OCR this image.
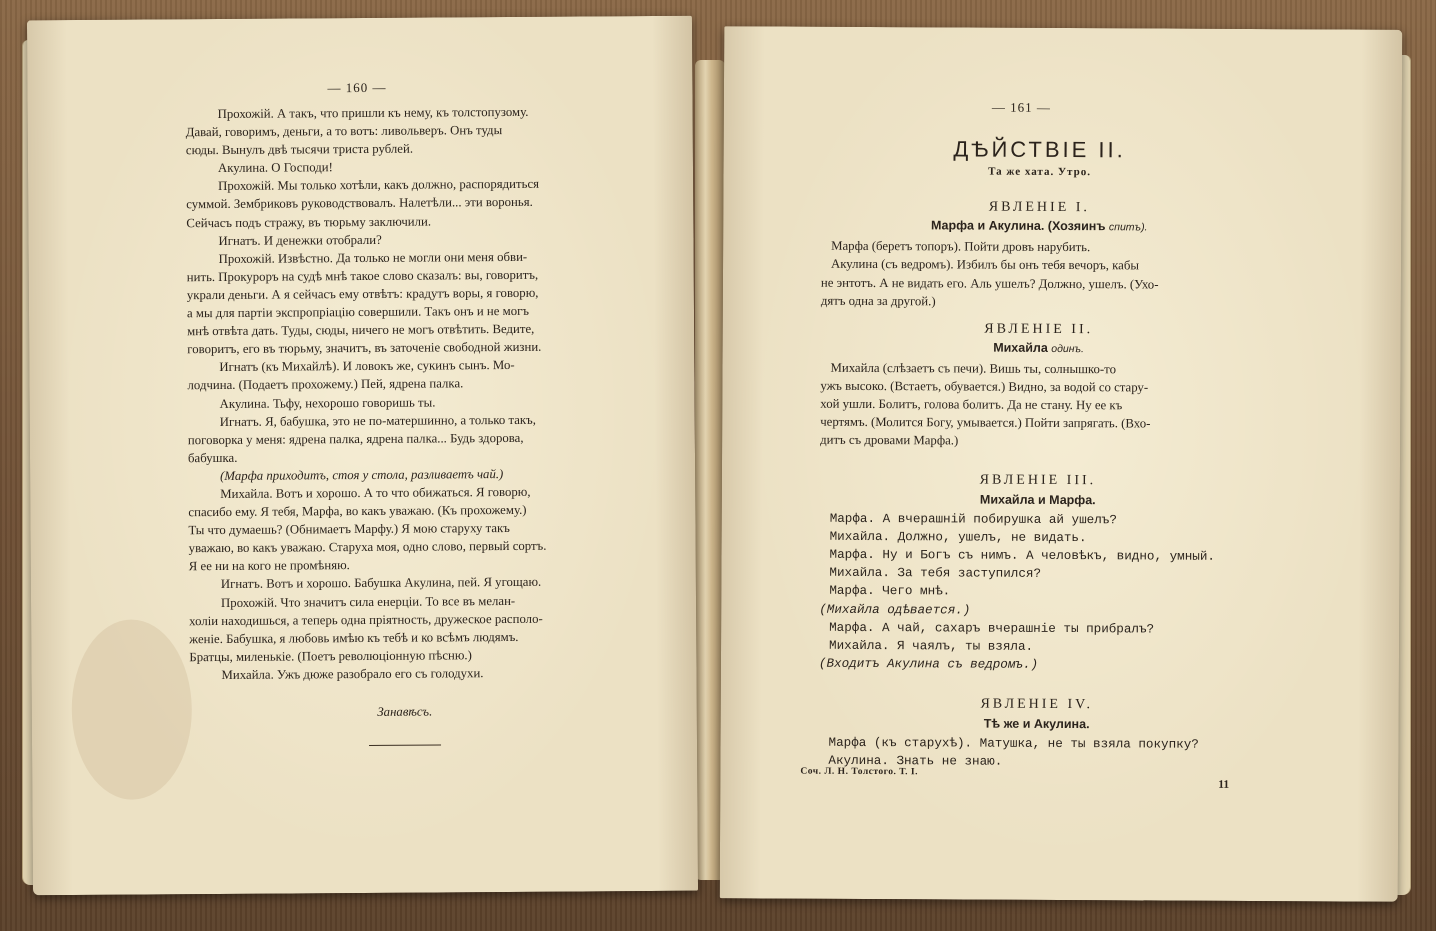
— 160 —
Прохожій. А такъ, что пришли къ нему, къ толстопузому.
Давай, говоримъ, деньги, а то вотъ: ливольверъ. Онъ туды
сюды. Вынулъ двѣ тысячи триста рублей.
Акулина. О Господи!
Прохожій. Мы только хотѣли, какъ должно, распорядиться
суммой. Зембриковъ руководствовалъ. Налетѣли... эти воронья.
Сейчасъ подъ стражу, въ тюрьму заключили.
Игнатъ. И денежки отобрали?
Прохожій. Извѣстно. Да только не могли они меня обви-
нить. Прокуроръ на судѣ мнѣ такое слово сказалъ: вы, говоритъ,
украли деньги. А я сейчасъ ему отвѣтъ: крадутъ воры, я говорю,
а мы для партіи экспропріацію совершили. Такъ онъ и не могъ
мнѣ отвѣта дать. Туды, сюды, ничего не могъ отвѣтить. Ведите,
говоритъ, его въ тюрьму, значитъ, въ заточеніе свободной жизни.
Игнатъ (къ Михайлѣ). И ловокъ же, сукинъ сынъ. Мо-
лодчина. (Подаетъ прохожему.) Пей, ядрена палка.
Акулина. Тьфу, нехорошо говоришь ты.
Игнатъ. Я, бабушка, это не по-матершинно, а только такъ,
поговорка у меня: ядрена палка, ядрена палка... Будь здорова,
бабушка.
(Марфа приходитъ, стоя у стола, разливаетъ чай.)
Михайла. Вотъ и хорошо. А то что обижаться. Я говорю,
спасибо ему. Я тебя, Марфа, во какъ уважаю. (Къ прохожему.)
Ты что думаешь? (Обнимаетъ Марфу.) Я мою старуху такъ
уважаю, во какъ уважаю. Старуха моя, одно слово, первый сортъ.
Я ее ни на кого не промѣняю.
Игнатъ. Вотъ и хорошо. Бабушка Акулина, пей. Я угощаю.
Прохожій. Что значитъ сила енерціи. То все въ мелан-
холіи находишься, а теперь одна пріятность, дружеское располо-
женіе. Бабушка, я любовь имѣю къ тебѣ и ко всѣмъ людямъ.
Братцы, миленькіе. (Поетъ революціонную пѣсню.)
Михайла. Ужъ дюже разобрало его съ голодухи.
Занавѣсъ.
— 161 —
ДѢЙСТВІЕ II.
Та же хата. Утро.
ЯВЛЕНІЕ I.
Марфа и Акулина. (Хозяинъ спитъ).
Марфа (беретъ топоръ). Пойти дровъ нарубить.
Акулина (съ ведромъ). Избилъ бы онъ тебя вечоръ, кабы
не энтотъ. А не видать его. Аль ушелъ? Должно, ушелъ. (Ухо-
дятъ одна за другой.)
ЯВЛЕНІЕ II.
Михайла одинъ.
Михайла (слѣзаетъ съ печи). Вишь ты, солнышко-то
ужъ высоко. (Встаетъ, обувается.) Видно, за водой со стару-
хой ушли. Болитъ, голова болитъ. Да не стану. Ну ее къ
чертямъ. (Молится Богу, умывается.) Пойти запрягать. (Вхо-
дитъ съ дровами Марфа.)
ЯВЛЕНІЕ III.
Михайла и Марфа.
Марфа. А вчерашній побирушка ай ушелъ?
Михайла. Должно, ушелъ, не видать.
Марфа. Ну и Богъ съ нимъ. А человѣкъ, видно, умный.
Михайла. За тебя заступился?
Марфа. Чего мнѣ.
(Михайла одѣвается.)
Марфа. А чай, сахаръ вчерашніе ты прибралъ?
Михайла. Я чаялъ, ты взяла.
(Входитъ Акулина съ ведромъ.)
ЯВЛЕНІЕ IV.
Тѣ же и Акулина.
Марфа (къ старухѣ). Матушка, не ты взяла покупку?
Акулина. Знать не знаю.
Соч. Л. Н. Толстого. Т. I.
11
